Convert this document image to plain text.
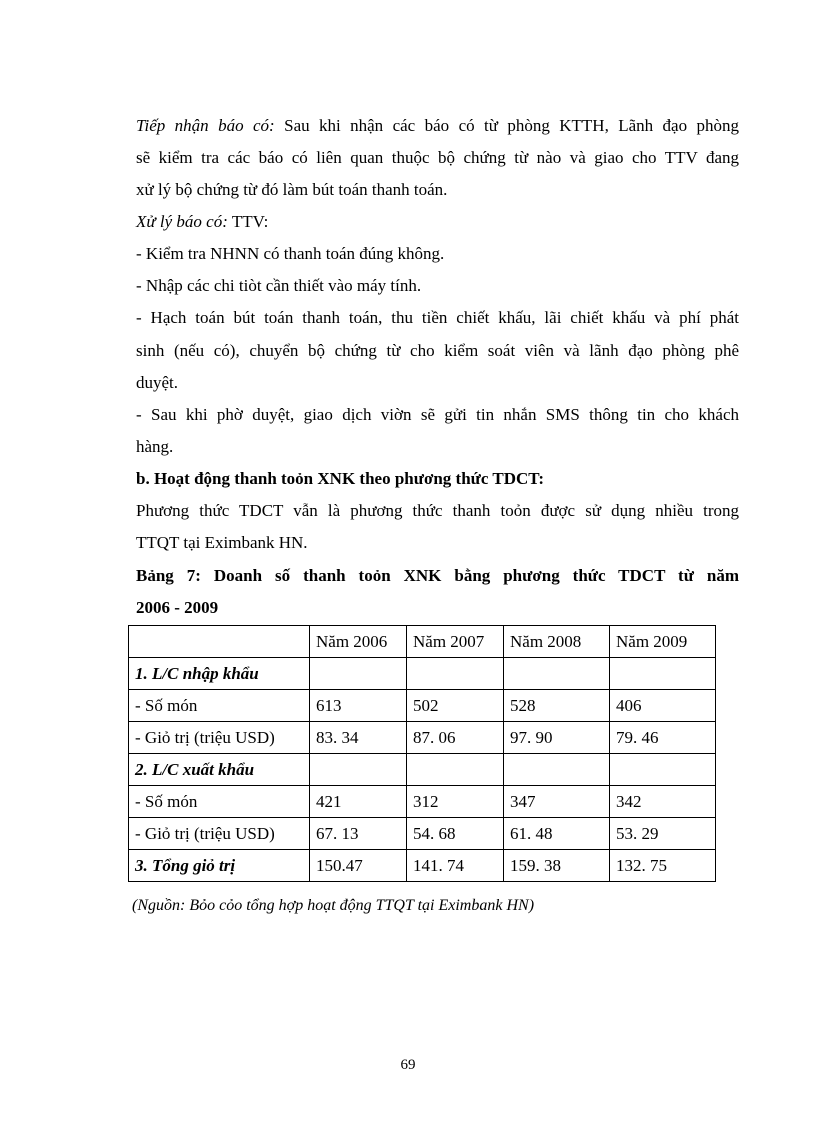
Tiếp nhận báo có: Sau khi nhận các báo có từ phòng KTTH, Lãnh đạo phòng
sẽ kiểm tra các báo có liên quan thuộc bộ chứng từ nào và giao cho TTV đang
xử lý bộ chứng từ đó làm bút toán thanh toán.
Xử lý báo có: TTV:
- Kiểm tra NHNN có thanh toán đúng không.
- Nhập các chi tiòt cần thiết vào máy tính.
- Hạch toán bút toán thanh toán, thu tiền chiết khấu, lãi chiết khấu và phí phát
sinh (nếu có), chuyển bộ chứng từ cho kiểm soát viên và lãnh đạo phòng phê
duyệt.
- Sau khi phờ duyệt, giao dịch viờn sẽ gửi tin nhắn SMS thông tin cho khách
hàng.
b. Hoạt động thanh toỏn XNK theo phương thức TDCT:
Phương thức TDCT vẫn là phương thức thanh toỏn được sử dụng nhiều trong
TTQT tại Eximbank HN.
Bảng 7: Doanh số thanh toỏn XNK bằng phương thức TDCT từ năm
2006 - 2009
	Năm 2006	Năm 2007	Năm 2008	Năm 2009
1. L/C nhập khẩu				
- Số món	613	502	528	406
- Giỏ trị (triệu USD)	83. 34	87. 06	97. 90	79. 46
2. L/C xuất khẩu				
- Số món	421	312	347	342
- Giỏ trị (triệu USD)	67. 13	54. 68	61. 48	53. 29
3. Tổng giỏ trị	150.47	141. 74	159. 38	132. 75
(Nguồn: Bỏo cỏo tổng hợp hoạt động TTQT tại Eximbank HN)
69
